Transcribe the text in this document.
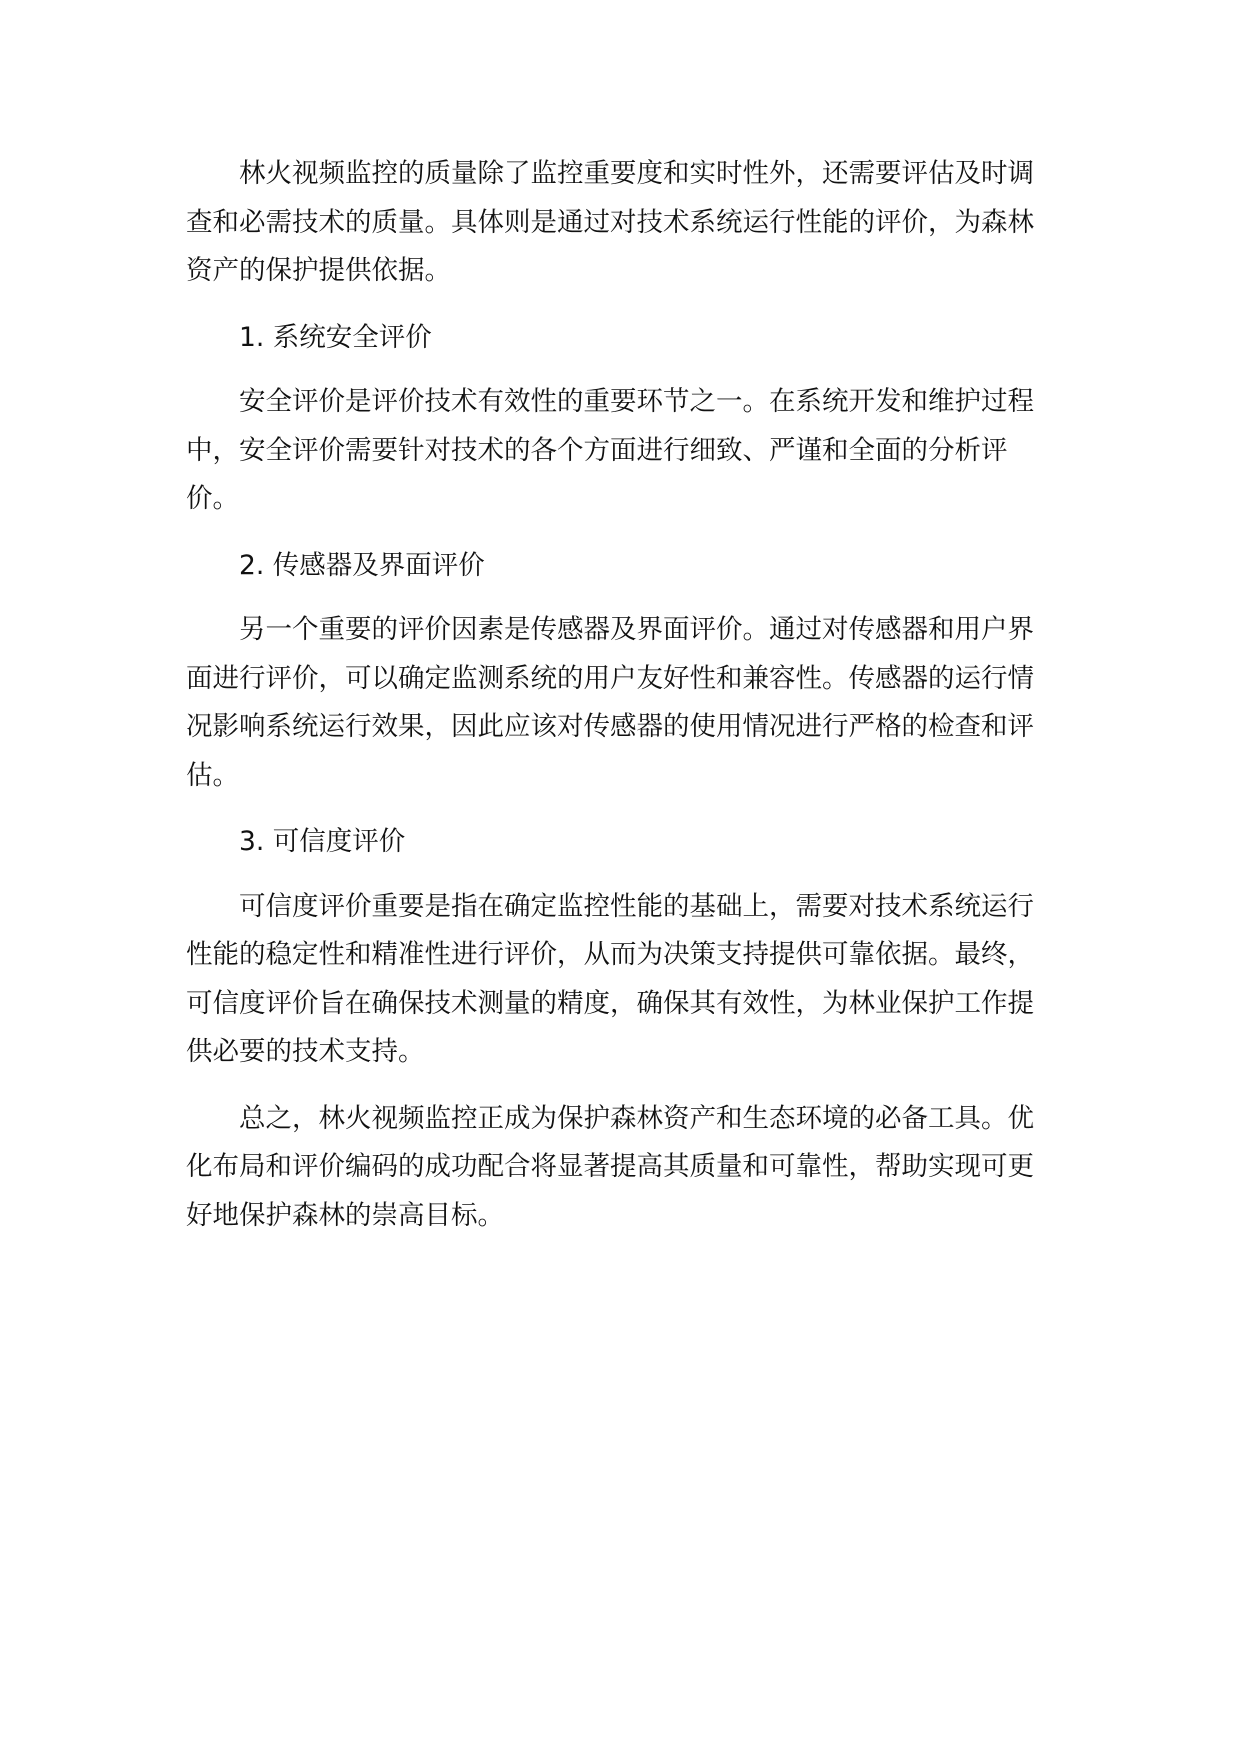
林火视频监控的质量除了监控重要度和实时性外，还需要评估及时调查和必需技术的质量。具体则是通过对技术系统运行性能的评价，为森林资产的保护提供依据。

1. 系统安全评价

安全评价是评价技术有效性的重要环节之一。在系统开发和维护过程中，安全评价需要针对技术的各个方面进行细致、严谨和全面的分析评价。

2. 传感器及界面评价

另一个重要的评价因素是传感器及界面评价。通过对传感器和用户界面进行评价，可以确定监测系统的用户友好性和兼容性。传感器的运行情况影响系统运行效果，因此应该对传感器的使用情况进行严格的检查和评估。

3. 可信度评价

可信度评价重要是指在确定监控性能的基础上，需要对技术系统运行性能的稳定性和精准性进行评价，从而为决策支持提供可靠依据。最终，可信度评价旨在确保技术测量的精度，确保其有效性，为林业保护工作提供必要的技术支持。

总之，林火视频监控正成为保护森林资产和生态环境的必备工具。优化布局和评价编码的成功配合将显著提高其质量和可靠性，帮助实现可更好地保护森林的崇高目标。
